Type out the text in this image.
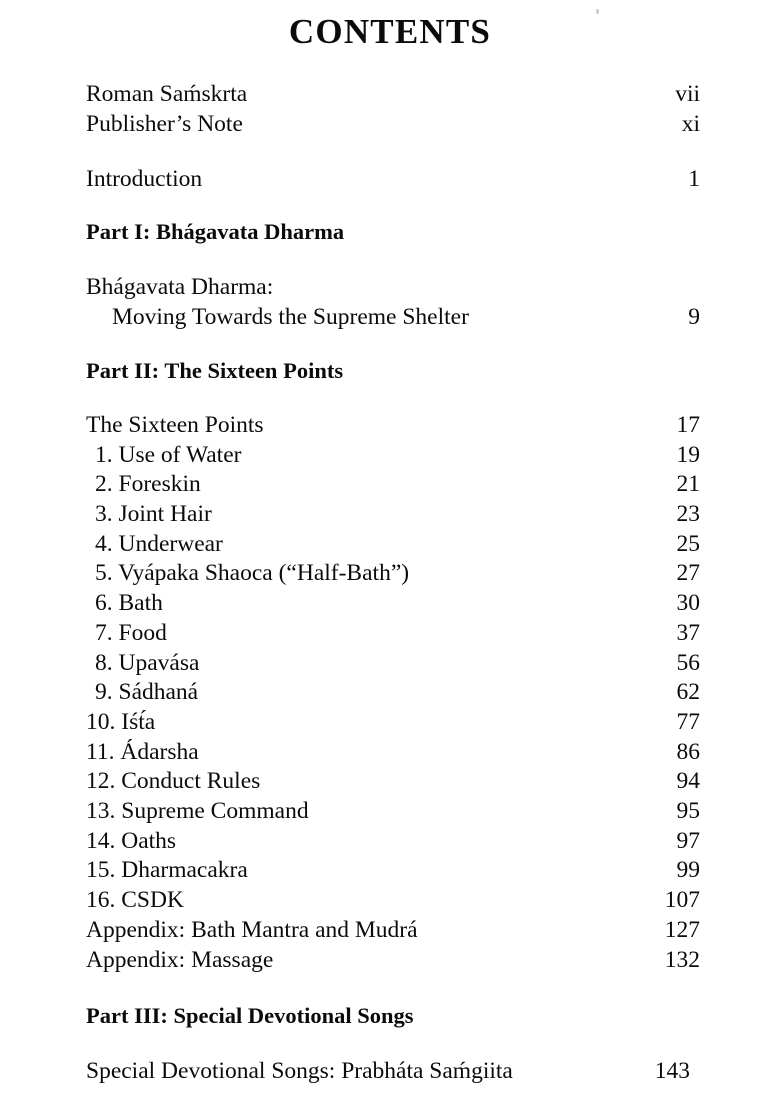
CONTENTS
Roman Saḿskrta	vii
Publisher’s Note	xi
Introduction	1
Part I: Bhágavata Dharma
Bhágavata Dharma:
Moving Towards the Supreme Shelter	9
Part II: The Sixteen Points
The Sixteen Points	17
1. Use of Water	19
2. Foreskin	21
3. Joint Hair	23
4. Underwear	25
5. Vyápaka Shaoca (“Half-Bath”)	27
6. Bath	30
7. Food	37
8. Upavása	56
9. Sádhaná	62
10. Iśt́a	77
11. Ádarsha	86
12. Conduct Rules	94
13. Supreme Command	95
14. Oaths	97
15. Dharmacakra	99
16. CSDK	107
Appendix: Bath Mantra and Mudrá	127
Appendix: Massage	132
Part III: Special Devotional Songs
Special Devotional Songs: Prabháta Saḿgiita	143
